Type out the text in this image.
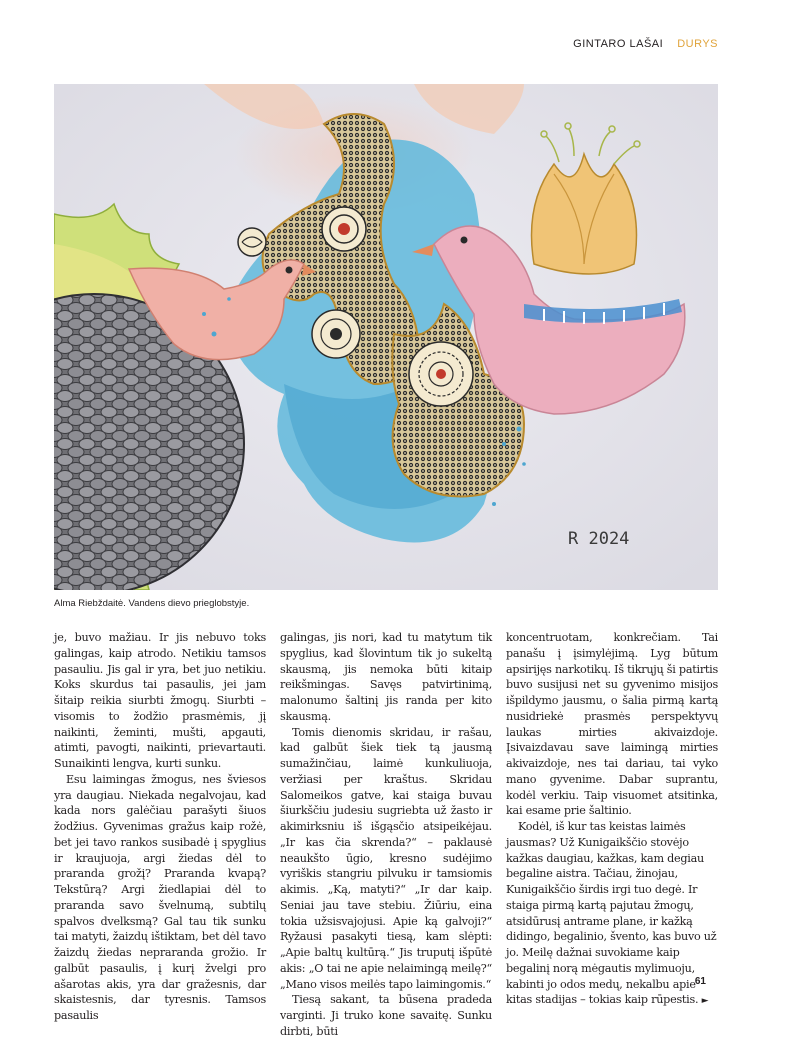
GINTARO LAŠAI DURYS
R 2024
Alma Riebždaitė. Vandens dievo prieglobstyje.

je, buvo mažiau. Ir jis nebuvo toks galingas, kaip atrodo. Netikiu tamsos pasauliu. Jis gal ir yra, bet juo netikiu. Koks skurdus tai pasaulis, jei jam šitaip reikia siurbti žmogų. Siurbti – visomis to žodžio prasmėmis, jį naikinti, žeminti, mušti, apgauti, atimti, pavogti, naikinti, prievartauti. Sunaikinti lengva, kurti sunku.

Esu laimingas žmogus, nes šviesos yra daugiau. Niekada negalvojau, kad kada nors galėčiau parašyti šiuos žodžius. Gyvenimas gražus kaip rožė, bet jei tavo rankos susibadė į spyglius ir kraujuoja, argi žiedas dėl to praranda grožį? Praranda kvapą? Tekstūrą? Argi žiedlapiai dėl to praranda savo švelnumą, subtilų spalvos dvelksmą? Gal tau tik sunku tai matyti, žaizdų ištiktam, bet dėl tavo žaizdų žiedas nepraranda grožio. Ir galbūt pasaulis, į kurį žvelgi pro ašarotas akis, yra dar gražesnis, dar skaistesnis, dar tyresnis. Tamsos pasaulis

galingas, jis nori, kad tu matytum tik spyglius, kad šlovintum tik jo sukeltą skausmą, jis nemoka būti kitaip reikšmingas. Savęs patvirtinimą, malonumo šaltinį jis randa per kito skausmą.

Tomis dienomis skridau, ir rašau, kad galbūt šiek tiek tą jausmą sumažinčiau, laimė kunkuliuoja, veržiasi per kraštus. Skridau Salomeikos gatve, kai staiga buvau šiurkščiu judesiu sugriebta už žasto ir akimirksniu iš išgąsčio atsipeikėjau. „Ir kas čia skrenda?“ – paklausė neaukšto ūgio, kresno sudėjimo vyriškis stangriu pilvuku ir tamsiomis akimis. „Ką, matyti?“ „Ir dar kaip. Seniai jau tave stebiu. Žiūriu, eina tokia užsisvajojusi. Apie ką galvoji?“ Ryžausi pasakyti tiesą, kam slėpti: „Apie baltų kultūrą.“ Jis truputį išpūtė akis: „O tai ne apie nelaimingą meilę?“ „Mano visos meilės tapo laimingomis.“

Tiesą sakant, ta būsena pradeda varginti. Ji truko kone savaitę. Sunku dirbti, būti

koncentruotam, konkrečiam. Tai panašu į įsimylėjimą. Lyg būtum apsirijęs narkotikų. Iš tikrųjų ši patirtis buvo susijusi net su gyvenimo misijos išpildymo jausmu, o šalia pirmą kartą nusidriekė prasmės perspektyvų laukas mirties akivaizdoje. Įsivaizdavau save laimingą mirties akivaizdoje, nes tai dariau, tai vyko mano gyvenime. Dabar suprantu, kodėl verkiu. Taip visuomet atsitinka, kai esame prie šaltinio.

Kodėl, iš kur tas keistas laimės jausmas? Už Kunigaikščio stovėjo kažkas daugiau, kažkas, kam degiau begaline aistra. Tačiau, žinojau, Kunigaikščio širdis irgi tuo degė. Ir staiga pirmą kartą pajutau žmogų, atsidūrusį antrame plane, ir kažką didingo, begalinio, švento, kas buvo už jo. Meilę dažnai suvokiame kaip begalinį norą mėgautis mylimuoju, kabinti jo odos medų, nekalbu apie kitas stadijas – tokias kaip rūpestis. ►

61
